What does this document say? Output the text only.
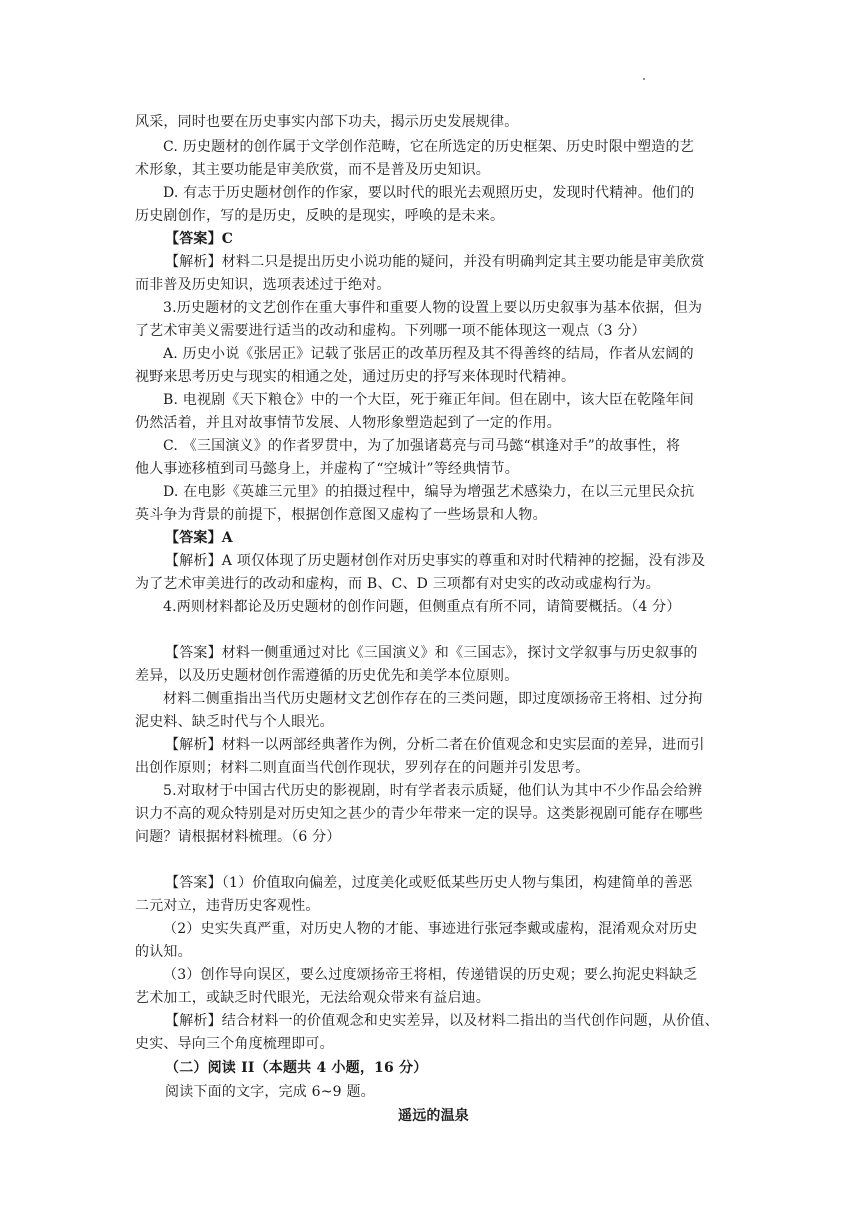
风采，同时也要在历史事实内部下功夫，揭示历史发展规律。
C. 历史题材的创作属于文学创作范畴，它在所选定的历史框架、历史时限中塑造的艺
术形象，其主要功能是审美欣赏，而不是普及历史知识。
D. 有志于历史题材创作的作家，要以时代的眼光去观照历史，发现时代精神。他们的
历史剧创作，写的是历史，反映的是现实，呼唤的是未来。
【答案】C
【解析】材料二只是提出历史小说功能的疑问，并没有明确判定其主要功能是审美欣赏
而非普及历史知识，选项表述过于绝对。
3.历史题材的文艺创作在重大事件和重要人物的设置上要以历史叙事为基本依据，但为
了艺术审美义需要进行适当的改动和虚构。下列哪一项不能体现这一观点（3 分）
A. 历史小说《张居正》记载了张居正的改革历程及其不得善终的结局，作者从宏阔的
视野来思考历史与现实的相通之处，通过历史的抒写来体现时代精神。
B. 电视剧《天下粮仓》中的一个大臣，死于雍正年间。但在剧中，该大臣在乾隆年间
仍然活着，并且对故事情节发展、人物形象塑造起到了一定的作用。
C. 《三国演义》的作者罗贯中，为了加强诸葛亮与司马懿“棋逢对手”的故事性，将
他人事迹移植到司马懿身上，并虚构了“空城计”等经典情节。
D. 在电影《英雄三元里》的拍摄过程中，编导为增强艺术感染力，在以三元里民众抗
英斗争为背景的前提下，根据创作意图又虚构了一些场景和人物。
【答案】A
【解析】A 项仅体现了历史题材创作对历史事实的尊重和对时代精神的挖掘，没有涉及
为了艺术审美进行的改动和虚构，而 B、C、D 三项都有对史实的改动或虚构行为。
4.两则材料都论及历史题材的创作问题，但侧重点有所不同，请简要概括。（4 分）
【答案】材料一侧重通过对比《三国演义》和《三国志》，探讨文学叙事与历史叙事的
差异，以及历史题材创作需遵循的历史优先和美学本位原则。
材料二侧重指出当代历史题材文艺创作存在的三类问题，即过度颂扬帝王将相、过分拘
泥史料、缺乏时代与个人眼光。
【解析】材料一以两部经典著作为例，分析二者在价值观念和史实层面的差异，进而引
出创作原则；材料二则直面当代创作现状，罗列存在的问题并引发思考。
5.对取材于中国古代历史的影视剧，时有学者表示质疑，他们认为其中不少作品会给辨
识力不高的观众特别是对历史知之甚少的青少年带来一定的误导。这类影视剧可能存在哪些
问题？请根据材料梳理。（6 分）
【答案】（1）价值取向偏差，过度美化或贬低某些历史人物与集团，构建简单的善恶
二元对立，违背历史客观性。
（2）史实失真严重，对历史人物的才能、事迹进行张冠李戴或虚构，混淆观众对历史
的认知。
（3）创作导向误区，要么过度颂扬帝王将相，传递错误的历史观；要么拘泥史料缺乏
艺术加工，或缺乏时代眼光，无法给观众带来有益启迪。
【解析】结合材料一的价值观念和史实差异，以及材料二指出的当代创作问题，从价值、
史实、导向三个角度梳理即可。
（二）阅读 II（本题共 4 小题，16 分）
阅读下面的文字，完成 6~9 题。
遥远的温泉
